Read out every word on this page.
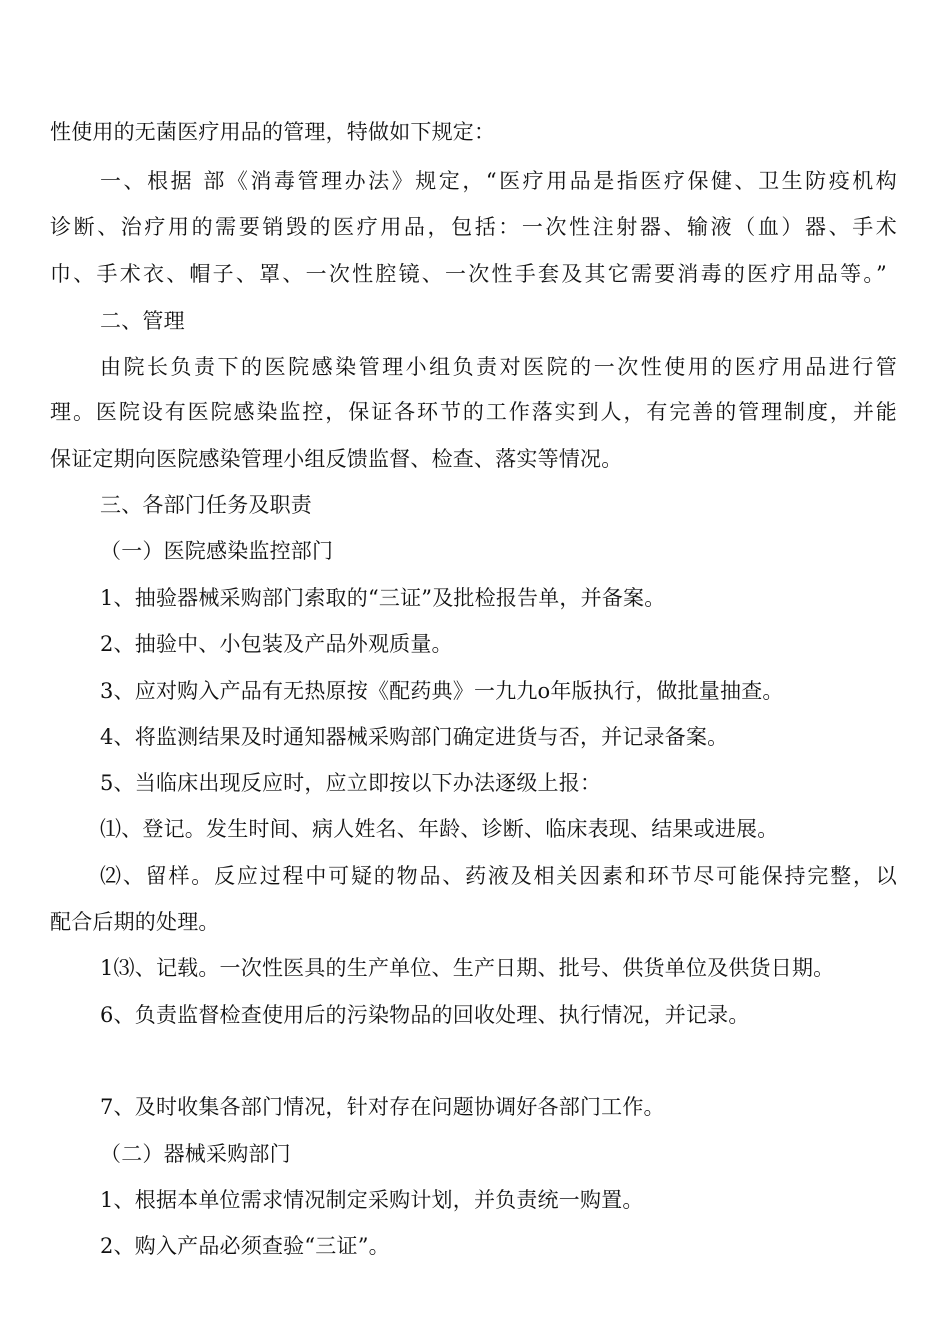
性使用的无菌医疗用品的管理，特做如下规定：
一、根据 部《消毒管理办法》规定，“医疗用品是指医疗保健、卫生防疫机构
诊断、治疗用的需要销毁的医疗用品，包括：一次性注射器、输液（血）器、手术
巾、手术衣、帽子、罩、一次性腔镜、一次性手套及其它需要消毒的医疗用品等。”
二、管理
由院长负责下的医院感染管理小组负责对医院的一次性使用的医疗用品进行管
理。医院设有医院感染监控，保证各环节的工作落实到人，有完善的管理制度，并能
保证定期向医院感染管理小组反馈监督、检查、落实等情况。
三、各部门任务及职责
（一）医院感染监控部门
1、抽验器械采购部门索取的“三证”及批检报告单，并备案。
2、抽验中、小包装及产品外观质量。
3、应对购入产品有无热原按《配药典》一九九o年版执行，做批量抽查。
4、将监测结果及时通知器械采购部门确定进货与否，并记录备案。
5、当临床出现反应时，应立即按以下办法逐级上报：
⑴、登记。发生时间、病人姓名、年龄、诊断、临床表现、结果或进展。
⑵、留样。反应过程中可疑的物品、药液及相关因素和环节尽可能保持完整，以
配合后期的处理。
1⑶、记载。一次性医具的生产单位、生产日期、批号、供货单位及供货日期。
6、负责监督检查使用后的污染物品的回收处理、执行情况，并记录。
7、及时收集各部门情况，针对存在问题协调好各部门工作。
（二）器械采购部门
1、根据本单位需求情况制定采购计划，并负责统一购置。
2、购入产品必须查验“三证”。
